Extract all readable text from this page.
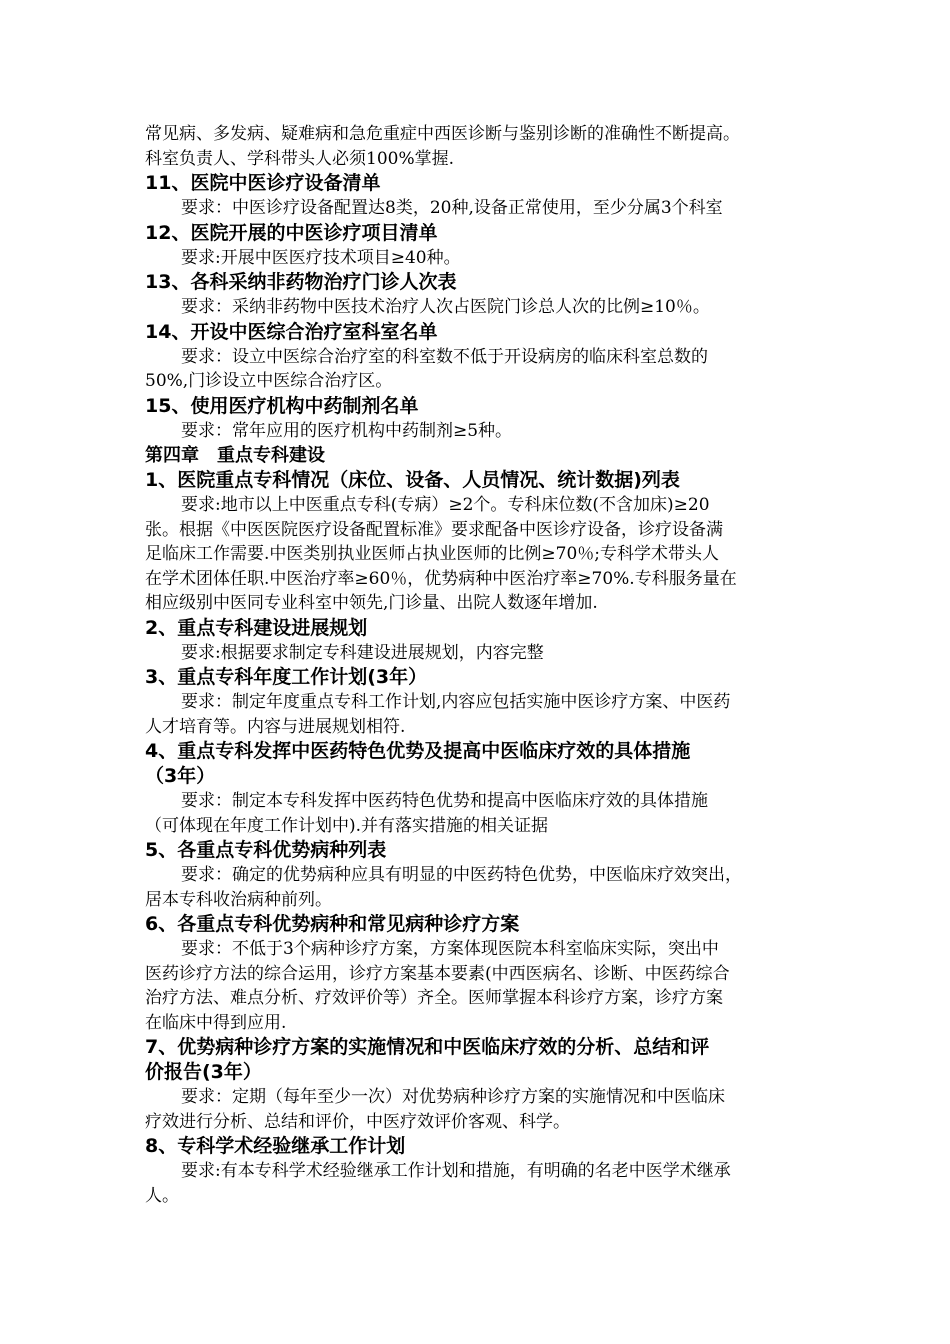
常见病、多发病、疑难病和急危重症中西医诊断与鉴别诊断的准确性不断提高。
科室负责人、学科带头人必须100%掌握.
11、医院中医诊疗设备清单
要求：中医诊疗设备配置达8类，20种,设备正常使用，至少分属3个科室
12、医院开展的中医诊疗项目清单
要求:开展中医医疗技术项目≥40种。
13、各科采纳非药物治疗门诊人次表
要求：采纳非药物中医技术治疗人次占医院门诊总人次的比例≥10％。
14、开设中医综合治疗室科室名单
要求：设立中医综合治疗室的科室数不低于开设病房的临床科室总数的
50%,门诊设立中医综合治疗区。
15、使用医疗机构中药制剂名单
要求：常年应用的医疗机构中药制剂≥5种。
第四章　重点专科建设
1、医院重点专科情况（床位、设备、人员情况、统计数据)列表
要求:地市以上中医重点专科(专病）≥2个。专科床位数(不含加床)≥20
张。根据《中医医院医疗设备配置标准》要求配备中医诊疗设备，诊疗设备满
足临床工作需要.中医类别执业医师占执业医师的比例≥70％;专科学术带头人
在学术团体任职.中医治疗率≥60％，优势病种中医治疗率≥70%.专科服务量在
相应级别中医同专业科室中领先,门诊量、出院人数逐年增加.
2、重点专科建设进展规划
要求:根据要求制定专科建设进展规划，内容完整
3、重点专科年度工作计划(3年）
要求：制定年度重点专科工作计划,内容应包括实施中医诊疗方案、中医药
人才培育等。内容与进展规划相符.
4、重点专科发挥中医药特色优势及提高中医临床疗效的具体措施
（3年）
要求：制定本专科发挥中医药特色优势和提高中医临床疗效的具体措施
（可体现在年度工作计划中).并有落实措施的相关证据
5、各重点专科优势病种列表
要求：确定的优势病种应具有明显的中医药特色优势，中医临床疗效突出，
居本专科收治病种前列。
6、各重点专科优势病种和常见病种诊疗方案
要求：不低于3个病种诊疗方案，方案体现医院本科室临床实际，突出中
医药诊疗方法的综合运用，诊疗方案基本要素(中西医病名、诊断、中医药综合
治疗方法、难点分析、疗效评价等）齐全。医师掌握本科诊疗方案，诊疗方案
在临床中得到应用.
7、优势病种诊疗方案的实施情况和中医临床疗效的分析、总结和评
价报告(3年）
要求：定期（每年至少一次）对优势病种诊疗方案的实施情况和中医临床
疗效进行分析、总结和评价，中医疗效评价客观、科学。
8、专科学术经验继承工作计划
要求:有本专科学术经验继承工作计划和措施，有明确的名老中医学术继承
人。
